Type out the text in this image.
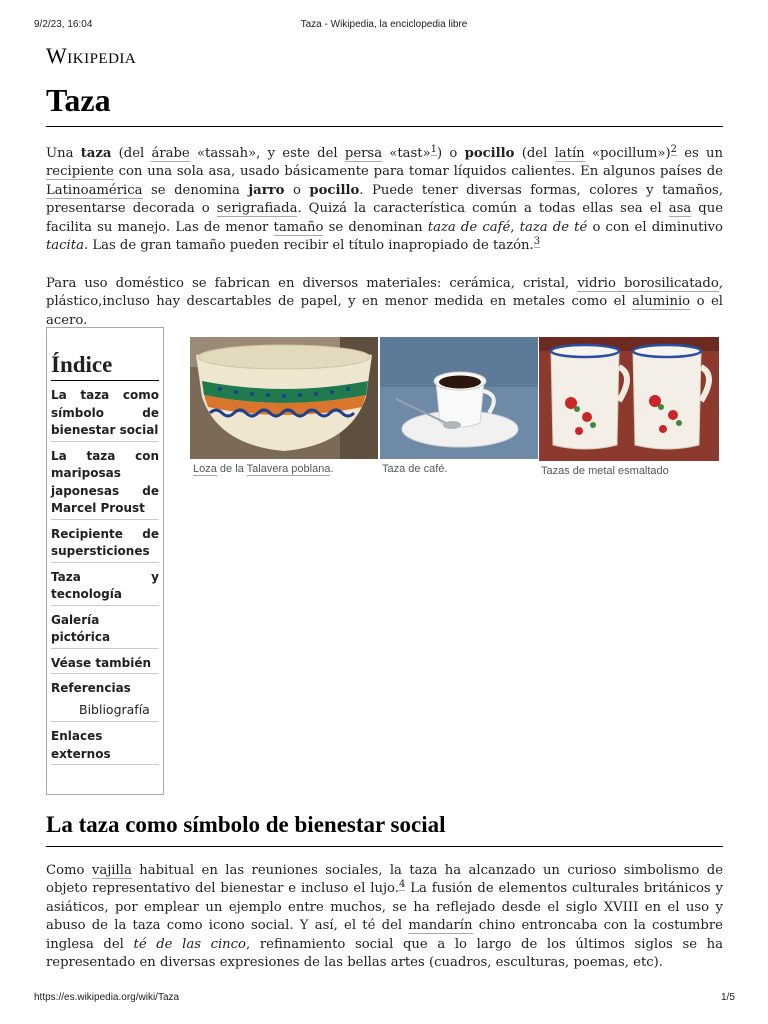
9/2/23, 16:04	Taza - Wikipedia, la enciclopedia libre
Wikipedia
Taza

Una taza (del árabe «tassah», y este del persa «tast»$^1$) o pocillo (del latín «pocillum»)$^2$ es un recipiente con una sola asa, usado básicamente para tomar líquidos calientes. En algunos países de Latinoamérica se denomina jarro o pocillo. Puede tener diversas formas, colores y tamaños, presentarse decorada o serigrafiada. Quizá la característica común a todas ellas sea el asa que facilita su manejo. Las de menor tamaño se denominan taza de café, taza de té o con el diminutivo tacita. Las de gran tamaño pueden recibir el título inapropiado de tazón.$^3$

Para uso doméstico se fabrican en diversos materiales: cerámica, cristal, vidrio borosilicatado, plástico,incluso hay descartables de papel, y en menor medida en metales como el aluminio o el acero.

Índice
La taza como símbolo de bienestar social
La taza con mariposas japonesas de Marcel Proust
Recipiente de supersticiones
Taza y tecnología
Galería pictórica
Véase también
Referencias
Bibliografía
Enlaces externos
Loza de la Talavera poblana.	Taza de café.	Tazas de metal esmaltado
La taza como símbolo de bienestar social

Como vajilla habitual en las reuniones sociales, la taza ha alcanzado un curioso simbolismo de objeto representativo del bienestar e incluso el lujo.$^4$ La fusión de elementos culturales británicos y asiáticos, por emplear un ejemplo entre muchos, se ha reflejado desde el siglo XVIII en el uso y abuso de la taza como icono social. Y así, el té del mandarín chino entroncaba con la costumbre inglesa del té de las cinco, refinamiento social que a lo largo de los últimos siglos se ha representado en diversas expresiones de las bellas artes (cuadros, esculturas, poemas, etc).

https://es.wikipedia.org/wiki/Taza	1/5
